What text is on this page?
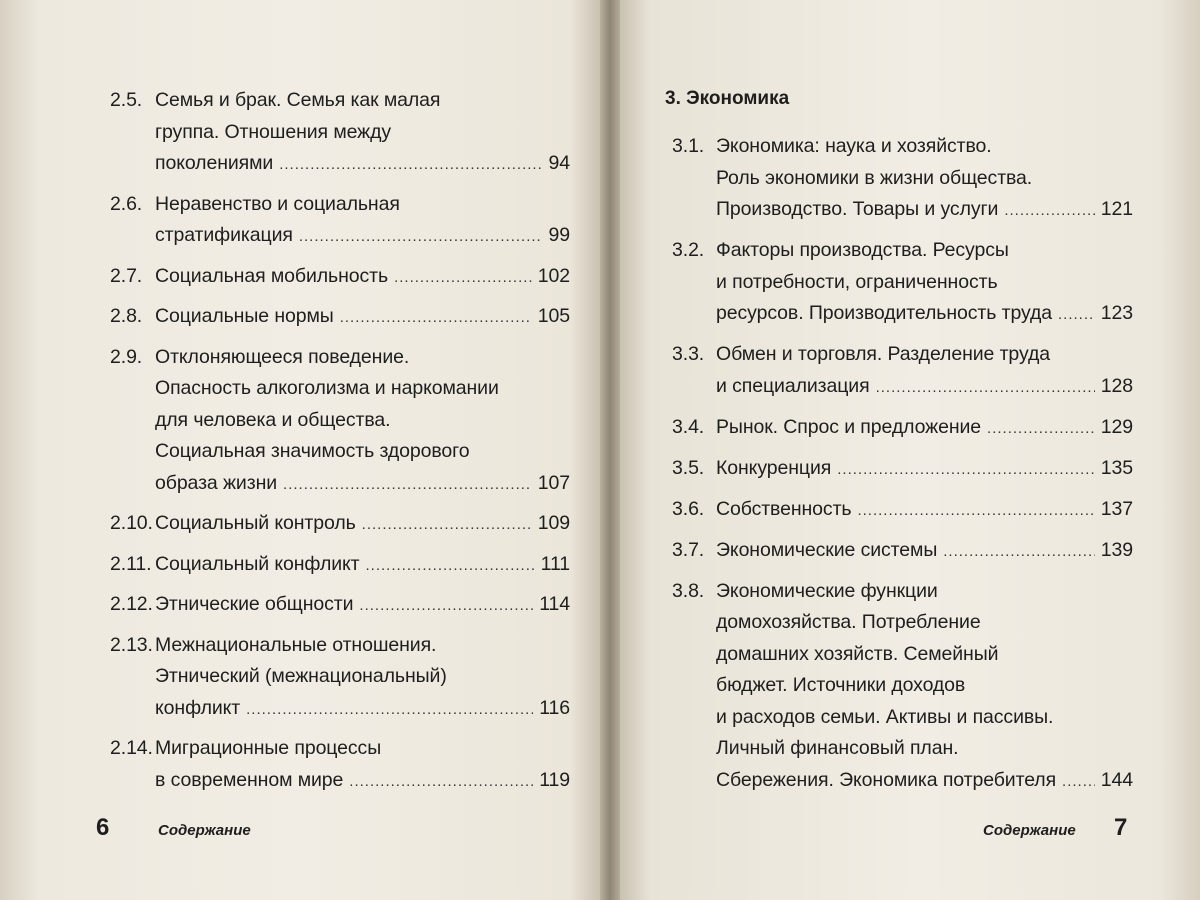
2.5. Семья и брак. Семья как малая
группа. Отношения между
поколениями .....	94
2.6. Неравенство и социальная
стратификация .....	99
2.7. Социальная мобильность .....	102
2.8. Социальные нормы .....	105
2.9. Отклоняющееся поведение.
Опасность алкоголизма и наркомании
для человека и общества.
Социальная значимость здорового
образа жизни .....	107
2.10. Социальный контроль .....	109
2.11. Социальный конфликт .....	111
2.12. Этнические общности .....	114
2.13. Межнациональные отношения.
Этнический (межнациональный)
конфликт .....	116
2.14. Миграционные процессы
в современном мире .....	119
6	Содержание
3. Экономика
3.1. Экономика: наука и хозяйство.
Роль экономики в жизни общества.
Производство. Товары и услуги .....	121
3.2. Факторы производства. Ресурсы
и потребности, ограниченность
ресурсов. Производительность труда .....	123
3.3. Обмен и торговля. Разделение труда
и специализация .....	128
3.4. Рынок. Спрос и предложение .....	129
3.5. Конкуренция .....	135
3.6. Собственность .....	137
3.7. Экономические системы .....	139
3.8. Экономические функции
домохозяйства. Потребление
домашних хозяйств. Семейный
бюджет. Источники доходов
и расходов семьи. Активы и пассивы.
Личный финансовый план.
Сбережения. Экономика потребителя ..... 144
Содержание 7
